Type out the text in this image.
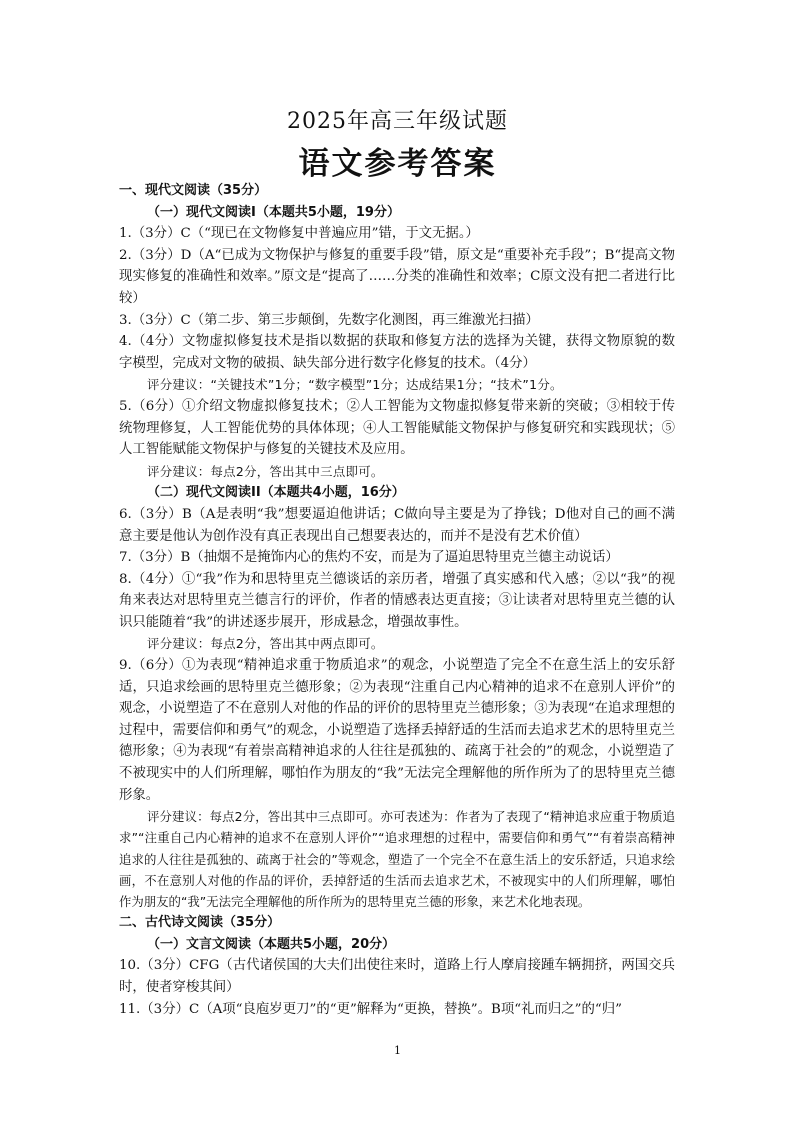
2025年高三年级试题
语文参考答案

一、现代文阅读（35分）

（一）现代文阅读I（本题共5小题，19分）

1.（3分）C（“现已在文物修复中普遍应用”错，于文无据。）

2.（3分）D（A“已成为文物保护与修复的重要手段”错，原文是“重要补充手段”；B“提高文物现实修复的准确性和效率。”原文是“提高了……分类的准确性和效率；C原文没有把二者进行比较）

3.（3分）C（第二步、第三步颠倒，先数字化测图，再三维激光扫描）

4.（4分）文物虚拟修复技术是指以数据的获取和修复方法的选择为关键，获得文物原貌的数字模型，完成对文物的破损、缺失部分进行数字化修复的技术。（4分）

评分建议：“关键技术”1分；“数字模型”1分；达成结果1分；“技术”1分。

5.（6分）①介绍文物虚拟修复技术；②人工智能为文物虚拟修复带来新的突破；③相较于传统物理修复，人工智能优势的具体体现；④人工智能赋能文物保护与修复研究和实践现状；⑤人工智能赋能文物保护与修复的关键技术及应用。

评分建议：每点2分，答出其中三点即可。

（二）现代文阅读II（本题共4小题，16分）

6.（3分）B（A是表明“我”想要逼迫他讲话；C做向导主要是为了挣钱；D他对自己的画不满意主要是他认为创作没有真正表现出自己想要表达的，而并不是没有艺术价值）

7.（3分）B（抽烟不是掩饰内心的焦灼不安，而是为了逼迫思特里克兰德主动说话）

8.（4分）①“我”作为和思特里克兰德谈话的亲历者，增强了真实感和代入感；②以“我”的视角来表达对思特里克兰德言行的评价，作者的情感表达更直接；③让读者对思特里克兰德的认识只能随着“我”的讲述逐步展开，形成悬念，增强故事性。

评分建议：每点2分，答出其中两点即可。

9.（6分）①为表现“精神追求重于物质追求”的观念，小说塑造了完全不在意生活上的安乐舒适，只追求绘画的思特里克兰德形象；②为表现“注重自己内心精神的追求不在意别人评价”的观念，小说塑造了不在意别人对他的作品的评价的思特里克兰德形象；③为表现“在追求理想的过程中，需要信仰和勇气”的观念，小说塑造了选择丢掉舒适的生活而去追求艺术的思特里克兰德形象；④为表现“有着崇高精神追求的人往往是孤独的、疏离于社会的”的观念，小说塑造了不被现实中的人们所理解，哪怕作为朋友的“我”无法完全理解他的所作所为了的思特里克兰德形象。

评分建议：每点2分，答出其中三点即可。亦可表述为：作者为了表现了“精神追求应重于物质追求”“注重自己内心精神的追求不在意别人评价”“追求理想的过程中，需要信仰和勇气”“有着崇高精神追求的人往往是孤独的、疏离于社会的”等观念，塑造了一个完全不在意生活上的安乐舒适，只追求绘画，不在意别人对他的作品的评价，丢掉舒适的生活而去追求艺术，不被现实中的人们所理解，哪怕作为朋友的“我”无法完全理解他的所作所为的思特里克兰德的形象，来艺术化地表现。

二、古代诗文阅读（35分）

（一）文言文阅读（本题共5小题，20分）

10.（3分）CFG（古代诸侯国的大夫们出使往来时，道路上行人摩肩接踵车辆拥挤，两国交兵时，使者穿梭其间）

11.（3分）C（A项“良庖岁更刀”的“更”解释为“更换，替换”。B项“礼而归之”的“归”

1
